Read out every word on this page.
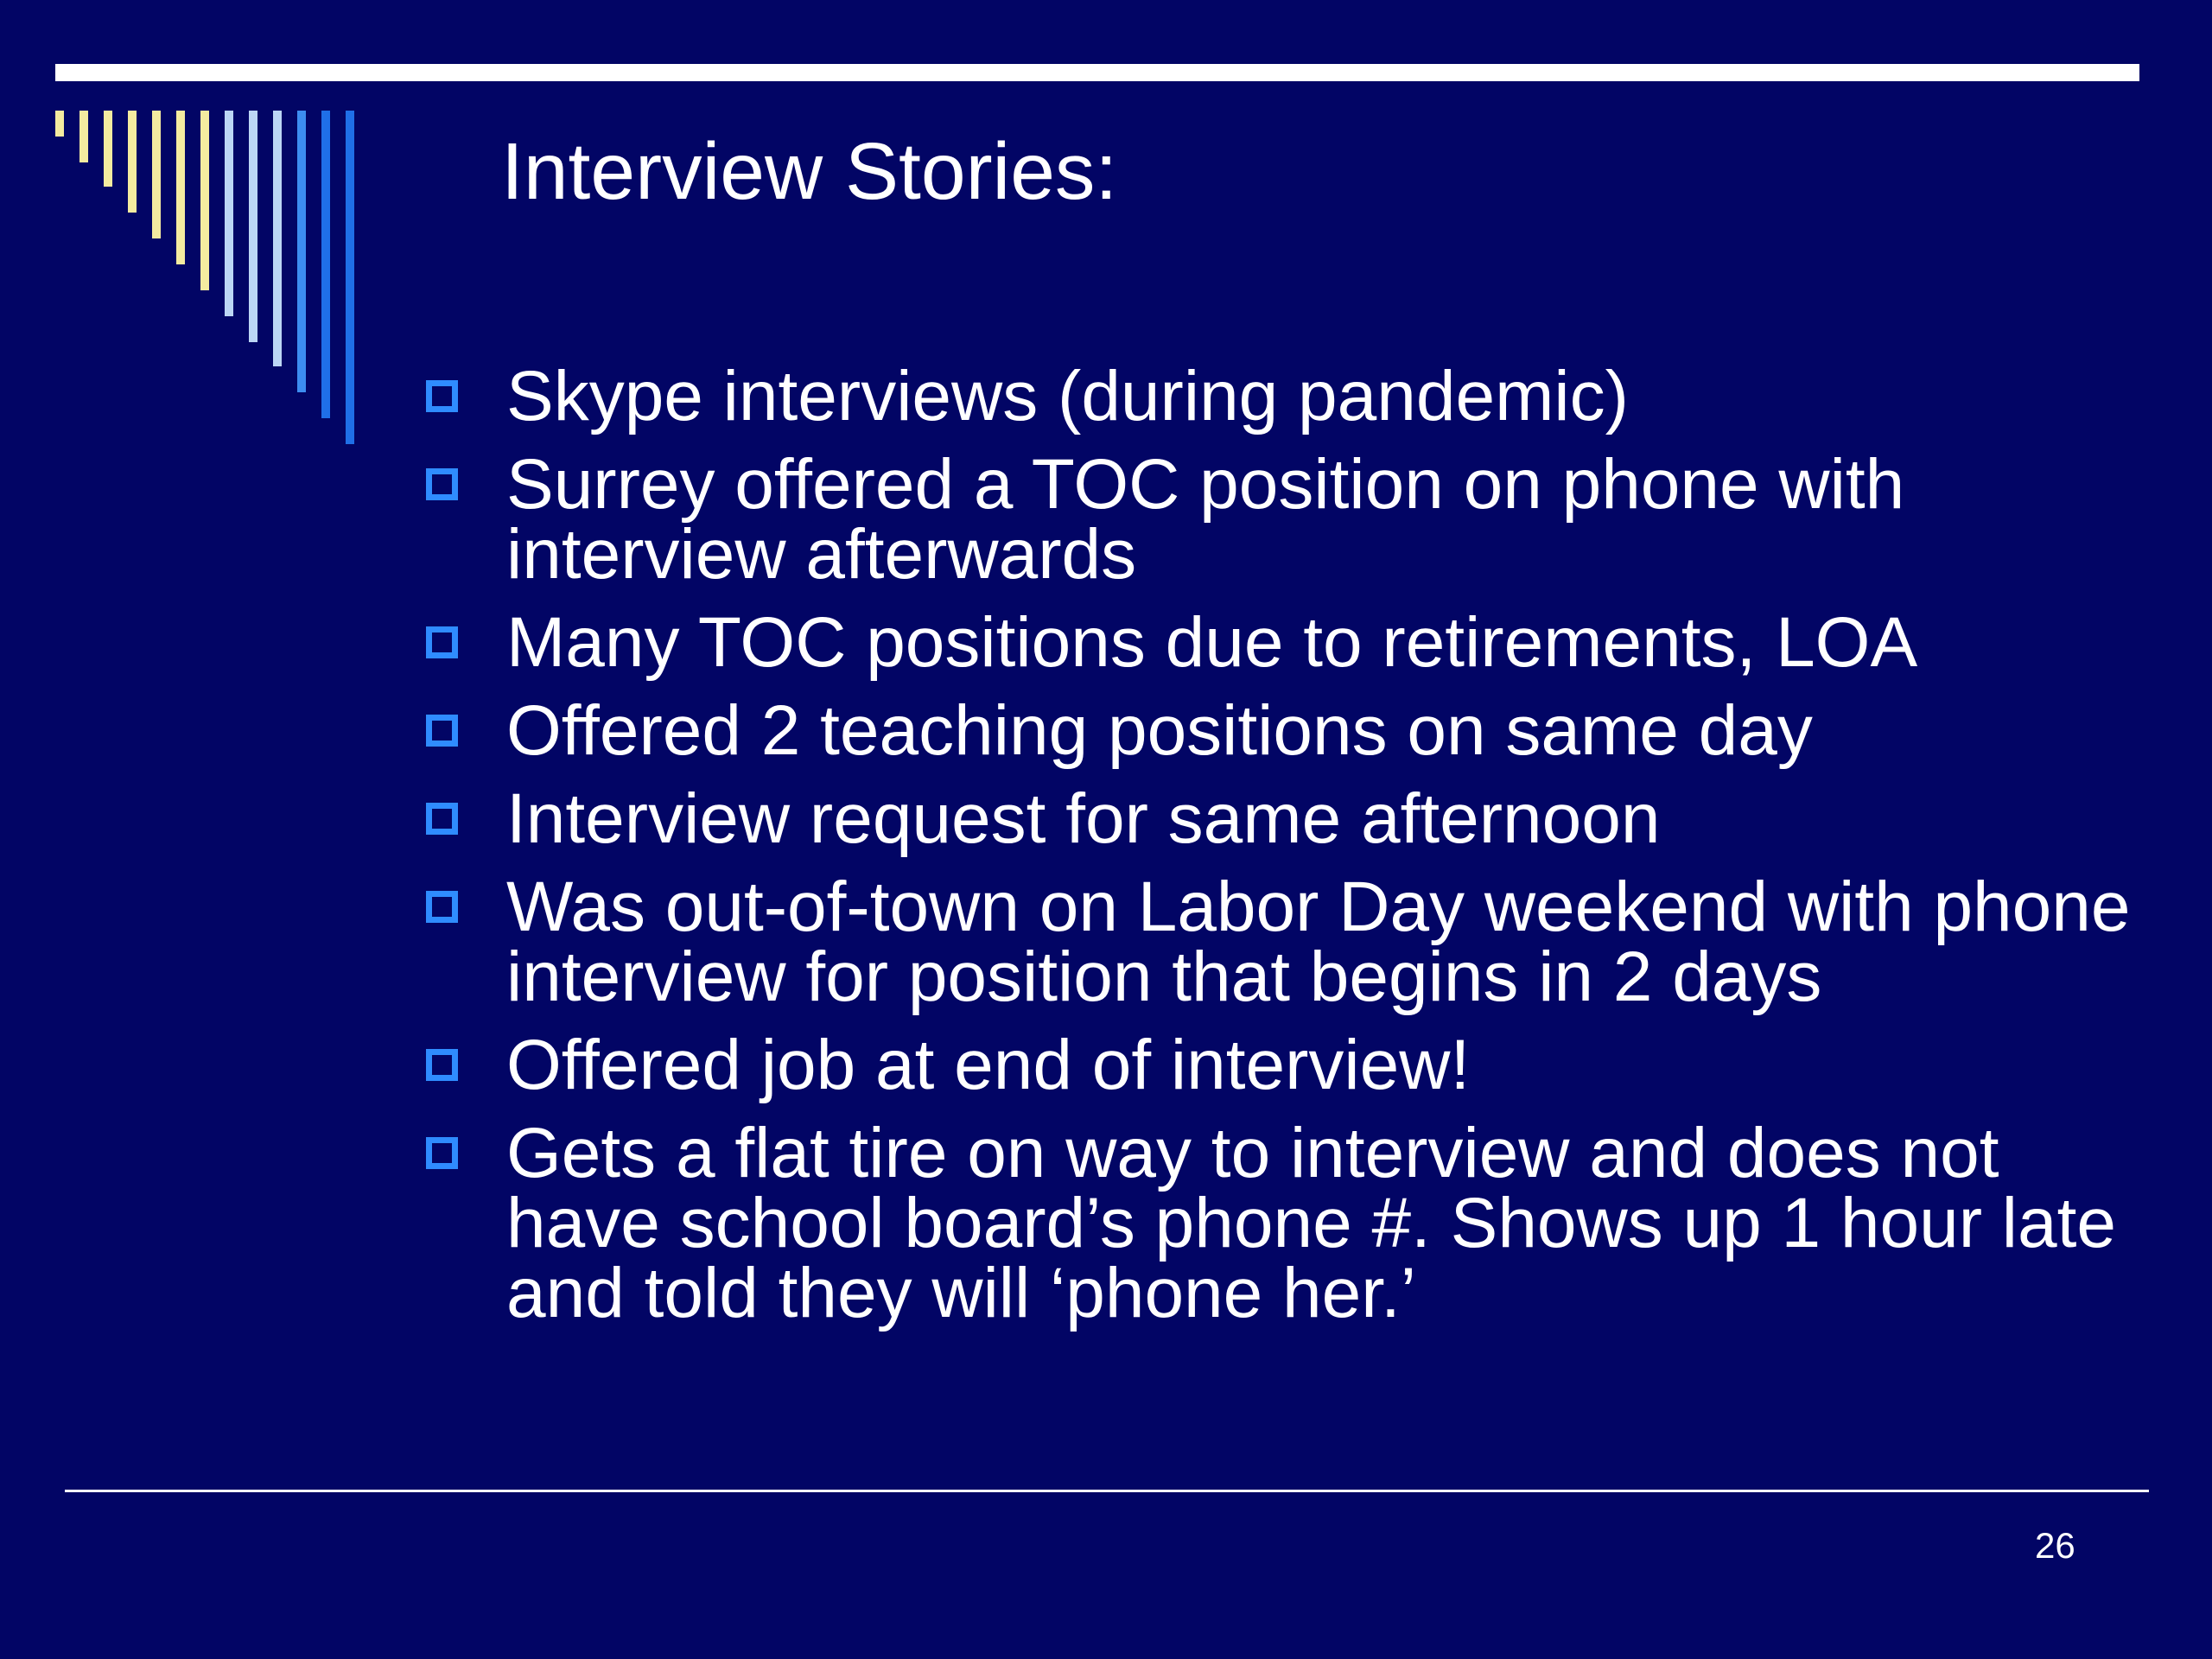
Interview Stories:
Skype interviews (during pandemic)
Surrey offered a TOC position on phone with interview afterwards
Many TOC positions due to retirements, LOA
Offered 2 teaching positions on same day
Interview request for same afternoon
Was out-of-town on Labor Day weekend with phone interview for position that begins in 2 days
Offered job at end of interview!
Gets a flat tire on way to interview and does not have school board’s phone #. Shows up 1 hour late and told they will ‘phone her.’
26
